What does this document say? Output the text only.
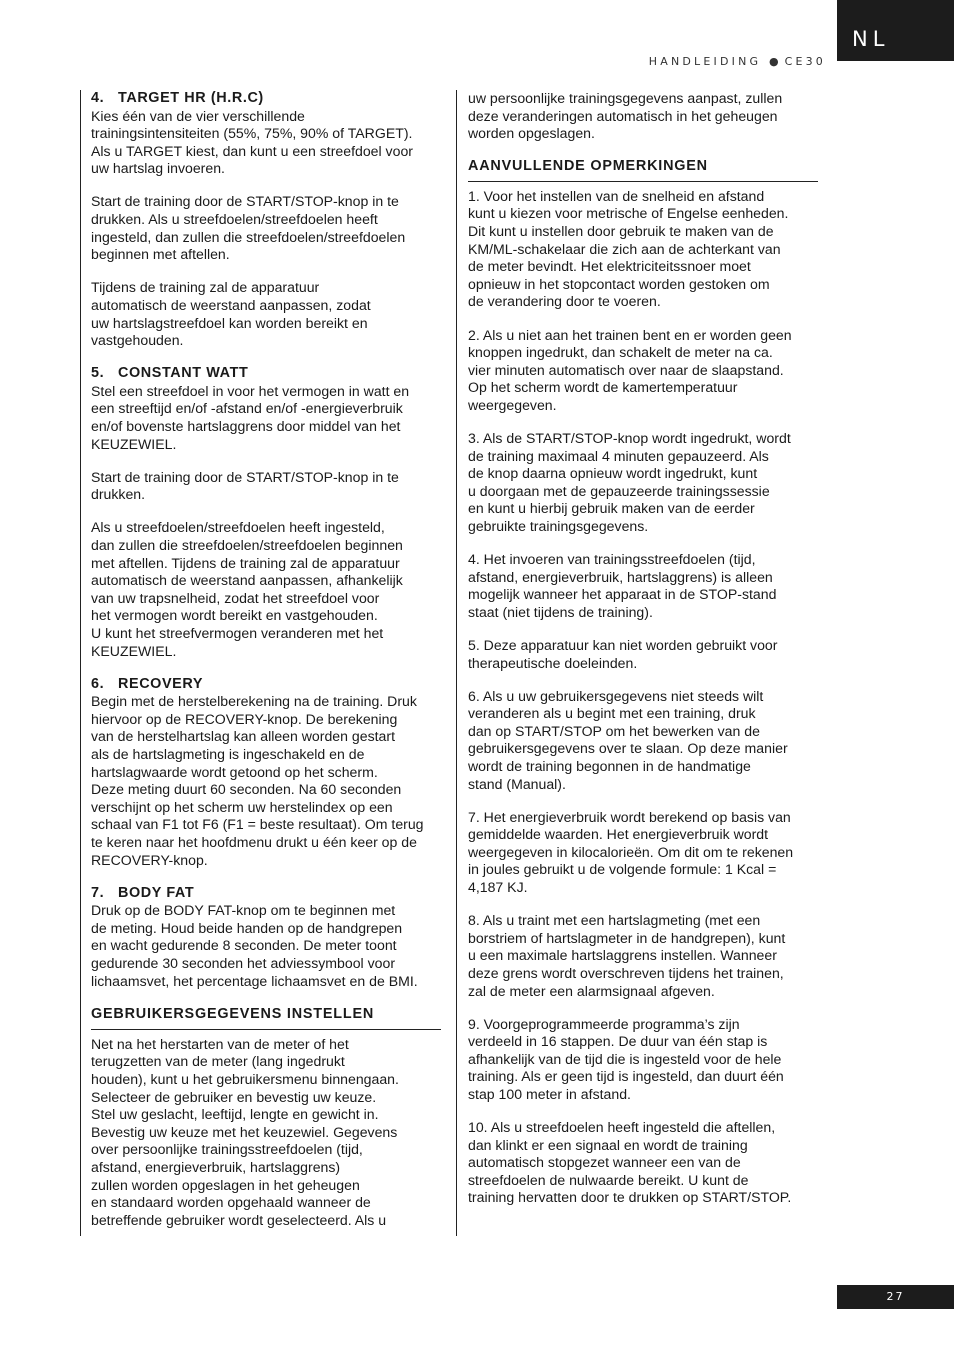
NL
HANDLEIDING ● CE30
4. TARGET HR (H.R.C)

Kies één van de vier verschillende
trainingsintensiteiten (55%, 75%, 90% of TARGET).
Als u TARGET kiest, dan kunt u een streefdoel voor
uw hartslag invoeren.

Start de training door de START/STOP-knop in te
drukken. Als u streefdoelen/streefdoelen heeft
ingesteld, dan zullen die streefdoelen/streefdoelen
beginnen met aftellen.

Tijdens de training zal de apparatuur
automatisch de weerstand aanpassen, zodat
uw hartslagstreefdoel kan worden bereikt en
vastgehouden.

5. CONSTANT WATT

Stel een streefdoel in voor het vermogen in watt en
een streeftijd en/of -afstand en/of -energieverbruik
en/of bovenste hartslaggrens door middel van het
KEUZEWIEL.

Start de training door de START/STOP-knop in te
drukken.

Als u streefdoelen/streefdoelen heeft ingesteld,
dan zullen die streefdoelen/streefdoelen beginnen
met aftellen. Tijdens de training zal de apparatuur
automatisch de weerstand aanpassen, afhankelijk
van uw trapsnelheid, zodat het streefdoel voor
het vermogen wordt bereikt en vastgehouden.
U kunt het streefvermogen veranderen met het
KEUZEWIEL.

6. RECOVERY

Begin met de herstelberekening na de training. Druk
hiervoor op de RECOVERY-knop. De berekening
van de herstelhartslag kan alleen worden gestart
als de hartslagmeting is ingeschakeld en de
hartslagwaarde wordt getoond op het scherm.
Deze meting duurt 60 seconden. Na 60 seconden
verschijnt op het scherm uw herstelindex op een
schaal van F1 tot F6 (F1 = beste resultaat). Om terug
te keren naar het hoofdmenu drukt u één keer op de
RECOVERY-knop.

7. BODY FAT

Druk op de BODY FAT-knop om te beginnen met
de meting. Houd beide handen op de handgrepen
en wacht gedurende 8 seconden. De meter toont
gedurende 30 seconden het adviessymbool voor
lichaamsvet, het percentage lichaamsvet en de BMI.

GEBRUIKERSGEGEVENS INSTELLEN

Net na het herstarten van de meter of het
terugzetten van de meter (lang ingedrukt
houden), kunt u het gebruikersmenu binnengaan.
Selecteer de gebruiker en bevestig uw keuze.
Stel uw geslacht, leeftijd, lengte en gewicht in.
Bevestig uw keuze met het keuzewiel. Gegevens
over persoonlijke trainingsstreefdoelen (tijd,
afstand, energieverbruik, hartslaggrens)
zullen worden opgeslagen in het geheugen
en standaard worden opgehaald wanneer de
betreffende gebruiker wordt geselecteerd. Als u

uw persoonlijke trainingsgegevens aanpast, zullen
deze veranderingen automatisch in het geheugen
worden opgeslagen.

AANVULLENDE OPMERKINGEN

1. Voor het instellen van de snelheid en afstand
kunt u kiezen voor metrische of Engelse eenheden.
Dit kunt u instellen door gebruik te maken van de
KM/ML-schakelaar die zich aan de achterkant van
de meter bevindt. Het elektriciteitssnoer moet
opnieuw in het stopcontact worden gestoken om
de verandering door te voeren.

2. Als u niet aan het trainen bent en er worden geen
knoppen ingedrukt, dan schakelt de meter na ca.
vier minuten automatisch over naar de slaapstand.
Op het scherm wordt de kamertemperatuur
weergegeven.

3. Als de START/STOP-knop wordt ingedrukt, wordt
de training maximaal 4 minuten gepauzeerd. Als
de knop daarna opnieuw wordt ingedrukt, kunt
u doorgaan met de gepauzeerde trainingssessie
en kunt u hierbij gebruik maken van de eerder
gebruikte trainingsgegevens.

4. Het invoeren van trainingsstreefdoelen (tijd,
afstand, energieverbruik, hartslaggrens) is alleen
mogelijk wanneer het apparaat in de STOP-stand
staat (niet tijdens de training).

5. Deze apparatuur kan niet worden gebruikt voor
therapeutische doeleinden.

6. Als u uw gebruikersgegevens niet steeds wilt
veranderen als u begint met een training, druk
dan op START/STOP om het bewerken van de
gebruikersgegevens over te slaan. Op deze manier
wordt de training begonnen in de handmatige
stand (Manual).

7. Het energieverbruik wordt berekend op basis van
gemiddelde waarden. Het energieverbruik wordt
weergegeven in kilocalorieën. Om dit om te rekenen
in joules gebruikt u de volgende formule: 1 Kcal =
4,187 KJ.

8. Als u traint met een hartslagmeting (met een
borstriem of hartslagmeter in de handgrepen), kunt
u een maximale hartslaggrens instellen. Wanneer
deze grens wordt overschreven tijdens het trainen,
zal de meter een alarmsignaal afgeven.

9. Voorgeprogrammeerde programma’s zijn
verdeeld in 16 stappen. De duur van één stap is
afhankelijk van de tijd die is ingesteld voor de hele
training. Als er geen tijd is ingesteld, dan duurt één
stap 100 meter in afstand.

10. Als u streefdoelen heeft ingesteld die aftellen,
dan klinkt er een signaal en wordt de training
automatisch stopgezet wanneer een van de
streefdoelen de nulwaarde bereikt. U kunt de
training hervatten door te drukken op START/STOP.

27
